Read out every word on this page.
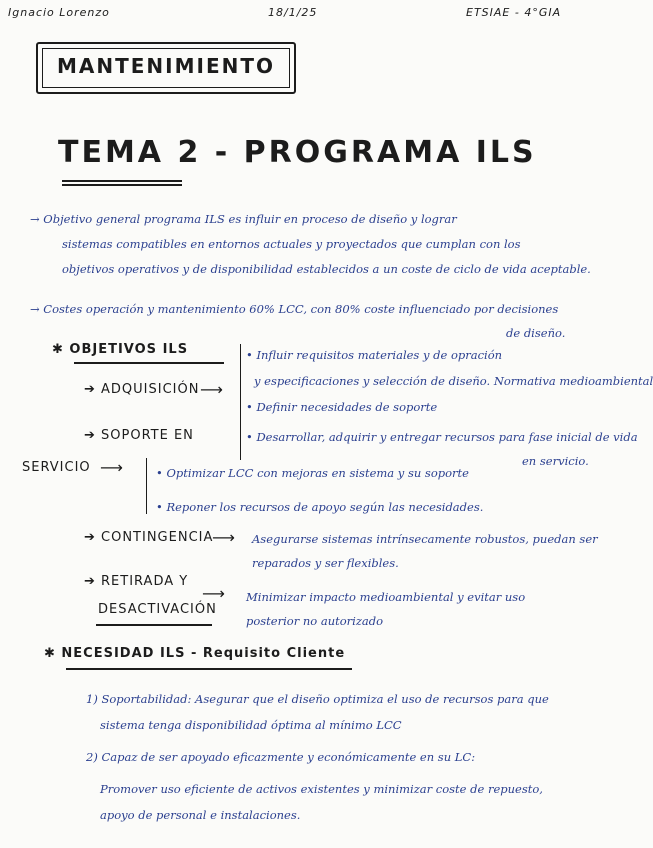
Ignacio Lorenzo	18/1/25	ETSIAE - 4°GIA
MANTENIMIENTO
TEMA 2 - PROGRAMA ILS
→ Objetivo general programa ILS es influir en proceso de diseño y lograr
sistemas compatibles en entornos actuales y proyectados que cumplan con los
objetivos operativos y de disponibilidad establecidos a un coste de ciclo de vida aceptable.
→ Costes operación y mantenimiento 60% LCC, con 80% coste influenciado por decisiones
de diseño.
✱ OBJETIVOS ILS
➔ ADQUISICIÓN ⟶
• Influir requisitos materiales y de opración
y especificaciones y selección de diseño. Normativa medioambiental
• Definir necesidades de soporte
• Desarrollar, adquirir y entregar recursos para fase inicial de vida
en servicio.
➔ SOPORTE EN
SERVICIO ⟶	• Optimizar LCC con mejoras en sistema y su soporte
• Reponer los recursos de apoyo según las necesidades.
➔ CONTINGENCIA
⟶ Asegurarse sistemas intrínsecamente robustos, puedan ser
reparados y ser flexibles.
➔ RETIRADA Y
DESACTIVACIÓN
⟶ Minimizar impacto medioambiental y evitar uso
posterior no autorizado
✱ NECESIDAD ILS - Requisito Cliente
1) Soportabilidad: Asegurar que el diseño optimiza el uso de recursos para que
sistema tenga disponibilidad óptima al mínimo LCC
2) Capaz de ser apoyado eficazmente y económicamente en su LC:
Promover uso eficiente de activos existentes y minimizar coste de repuesto,
apoyo de personal e instalaciones.
